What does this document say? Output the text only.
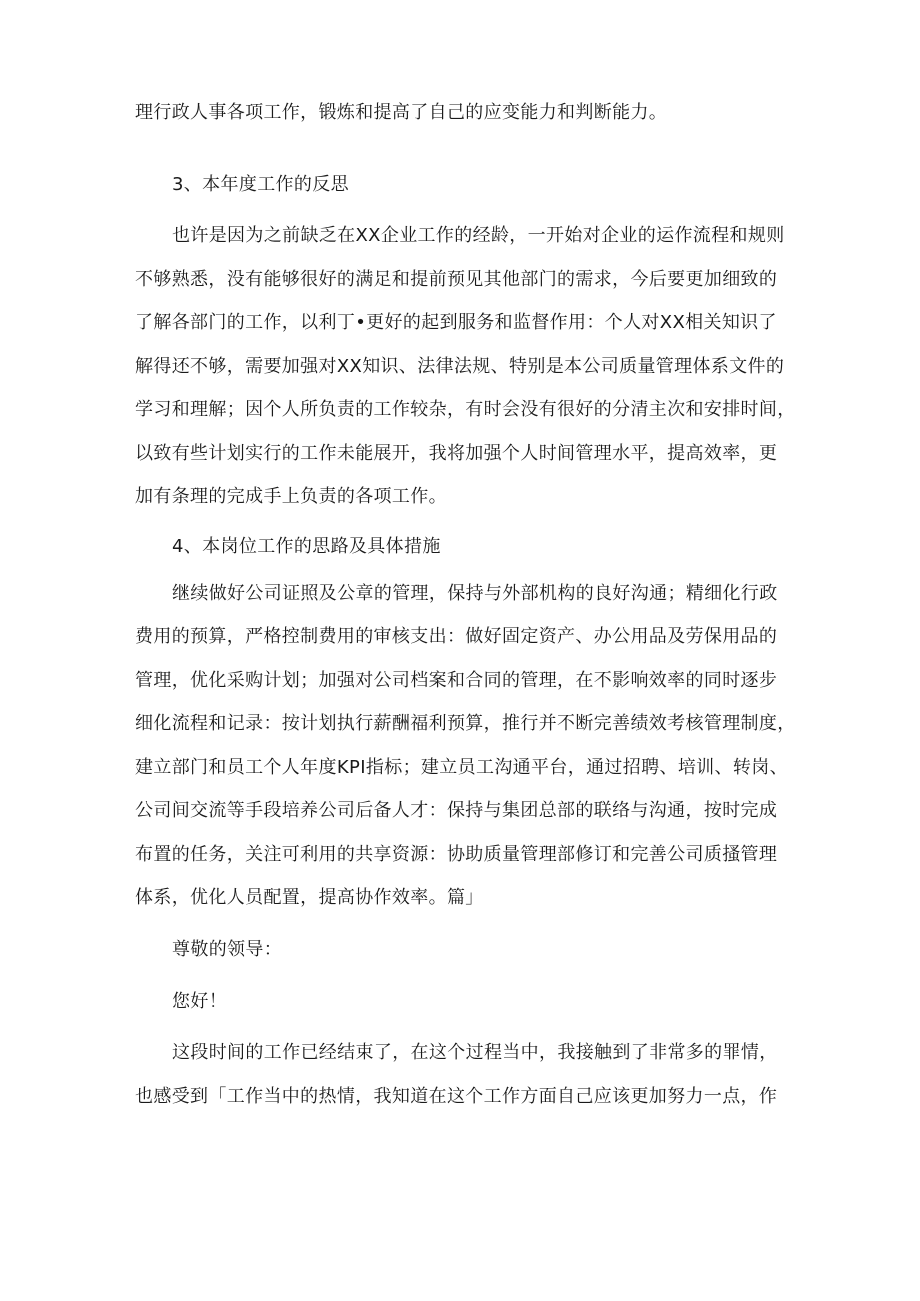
理行政人事各项工作，锻炼和提高了自己的应变能力和判断能力。
3、本年度工作的反思
也许是因为之前缺乏在XX企业工作的经龄，一开始对企业的运作流程和规则
不够熟悉，没有能够很好的满足和提前预见其他部门的需求，今后要更加细致的
了解各部门的工作，以利丁•更好的起到服务和监督作用：个人对XX相关知识了
解得还不够，需要加强对XX知识、法律法规、特别是本公司质量管理体系文件的
学习和理解；因个人所负责的工作较杂，有时会没有很好的分清主次和安排时间，
以致有些计划实行的工作未能展开，我将加强个人时间管理水平，提高效率，更
加有条理的完成手上负责的各项工作。
4、本岗位工作的思路及具体措施
继续做好公司证照及公章的管理，保持与外部机构的良好沟通；精细化行政
费用的预算，严格控制费用的审核支出：做好固定资产、办公用品及劳保用品的
管理，优化采购计划；加强对公司档案和合同的管理，在不影响效率的同时逐步
细化流程和记录：按计划执行薪酬福利预算，推行并不断完善绩效考核管理制度，
建立部门和员工个人年度KPI指标；建立员工沟通平台，通过招聘、培训、转岗、
公司间交流等手段培养公司后备人才：保持与集团总部的联络与沟通，按时完成
布置的任务，关注可利用的共享资源：协助质量管理部修订和完善公司质搔管理
体系，优化人员配置，提高协作效率。篇」
尊敬的领导：
您好！
这段时间的工作已经结束了，在这个过程当中，我接触到了非常多的罪情，
也感受到「工作当中的热情，我知道在这个工作方面自己应该更加努力一点，作
